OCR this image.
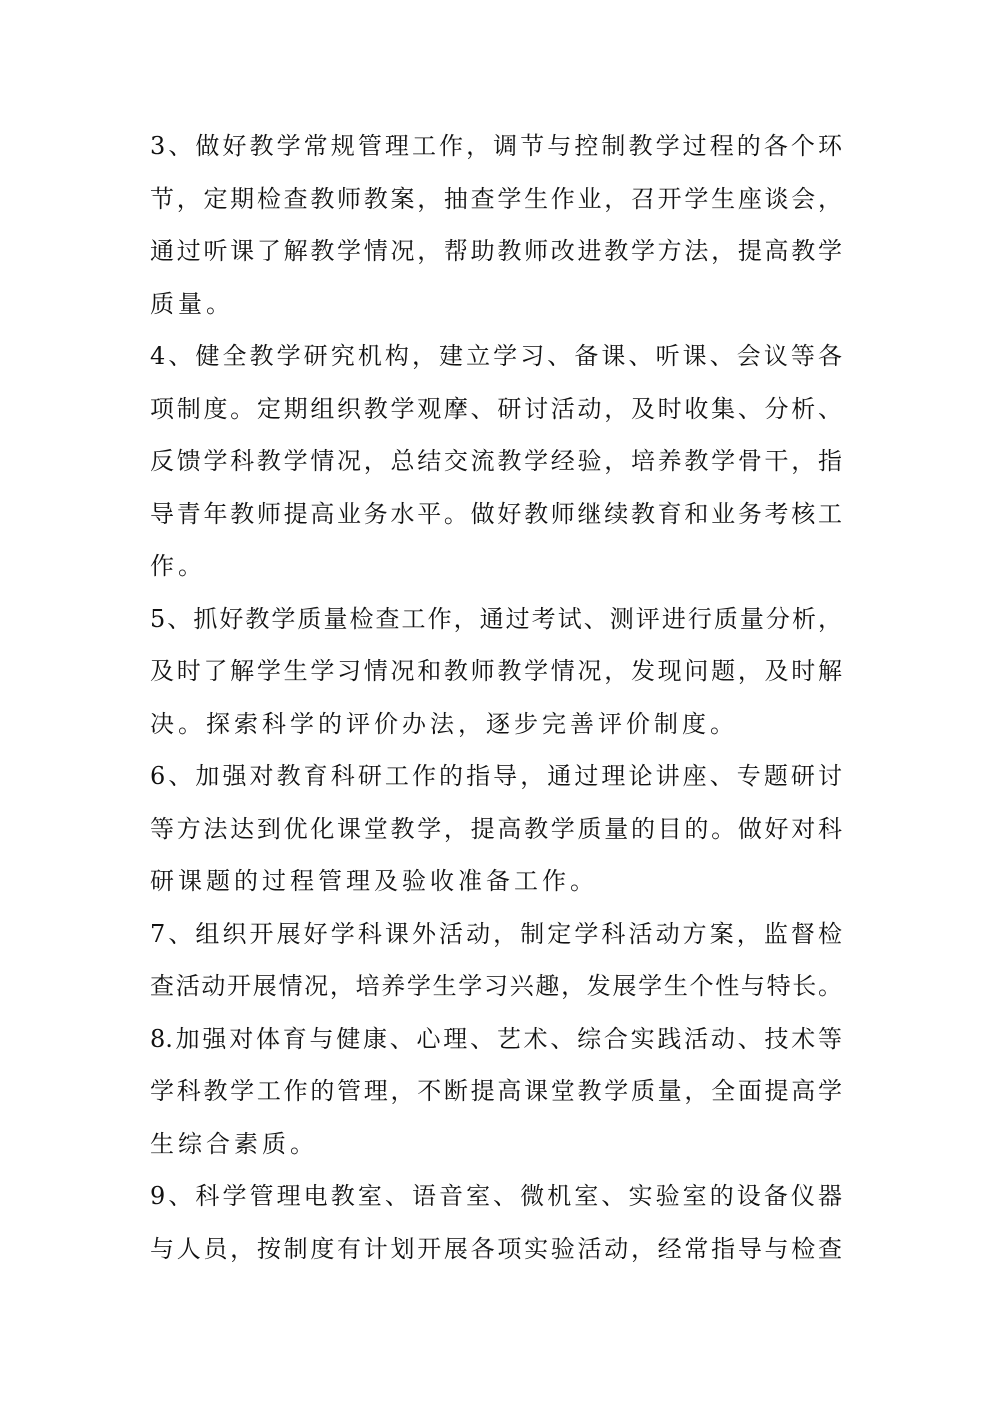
3、做好教学常规管理工作，调节与控制教学过程的各个环
节，定期检查教师教案，抽查学生作业，召开学生座谈会，
通过听课了解教学情况，帮助教师改进教学方法，提高教学
质量。
4、健全教学研究机构，建立学习、备课、听课、会议等各
项制度。定期组织教学观摩、研讨活动，及时收集、分析、
反馈学科教学情况，总结交流教学经验，培养教学骨干，指
导青年教师提高业务水平。做好教师继续教育和业务考核工
作。
5、抓好教学质量检查工作，通过考试、测评进行质量分析，
及时了解学生学习情况和教师教学情况，发现问题，及时解
决。探索科学的评价办法，逐步完善评价制度。
6、加强对教育科研工作的指导，通过理论讲座、专题研讨
等方法达到优化课堂教学，提高教学质量的目的。做好对科
研课题的过程管理及验收准备工作。
7、组织开展好学科课外活动，制定学科活动方案，监督检
查活动开展情况，培养学生学习兴趣，发展学生个性与特长。
8.加强对体育与健康、心理、艺术、综合实践活动、技术等
学科教学工作的管理，不断提高课堂教学质量，全面提高学
生综合素质。
9、科学管理电教室、语音室、微机室、实验室的设备仪器
与人员，按制度有计划开展各项实验活动，经常指导与检查
